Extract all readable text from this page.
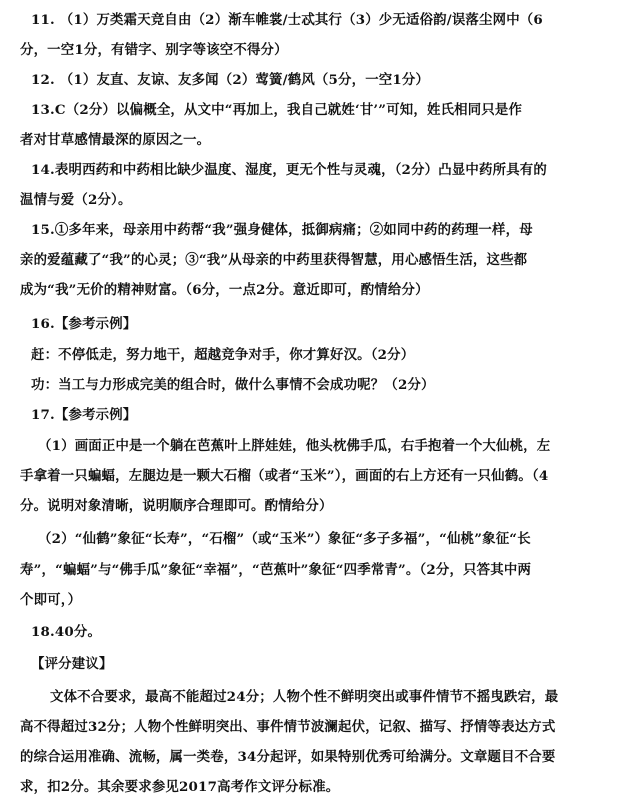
11. （1）万类霜天竞自由（2）渐车帷裳/士忒其行（3）少无适俗韵/误落尘网中（6
分，一空1分，有错字、别字等该空不得分）
12. （1）友直、友谅、友多闻（2）莺簧/鹤风（5分，一空1分）
13.C（2分）以偏概全，从文中“再加上，我自己就姓‘甘’”可知，姓氏相同只是作
者对甘草感情最深的原因之一。
14.表明西药和中药相比缺少温度、湿度，更无个性与灵魂，（2分）凸显中药所具有的
温情与爱（2分）。
15.①多年来，母亲用中药帮“我”强身健体，抵御病痛；②如同中药的药理一样，母
亲的爱蕴藏了“我”的心灵；③“我”从母亲的中药里获得智慧，用心感悟生活，这些都
成为“我”无价的精神财富。（6分，一点2分。意近即可，酌情给分）
16.【参考示例】
赶：不停低走，努力地干，超越竞争对手，你才算好汉。（2分）
功：当工与力形成完美的组合时，做什么事情不会成功呢？（2分）
17.【参考示例】
（1）画面正中是一个躺在芭蕉叶上胖娃娃，他头枕佛手瓜，右手抱着一个大仙桃，左
手拿着一只蝙蝠，左腿边是一颗大石榴（或者“玉米”），画面的右上方还有一只仙鹤。（4
分。说明对象清晰，说明顺序合理即可。酌情给分）
（2）“仙鹤”象征“长寿”，“石榴”（或“玉米”）象征“多子多福”，“仙桃”象征“长
寿”，“蝙蝠”与“佛手瓜”象征“幸福”，“芭蕉叶”象征“四季常青”。（2分，只答其中两
个即可，）
18.40分。
【评分建议】
文体不合要求，最高不能超过24分；人物个性不鲜明突出或事件情节不摇曳跌宕，最
高不得超过32分；人物个性鲜明突出、事件情节波澜起伏，记叙、描写、抒情等表达方式
的综合运用准确、流畅，属一类卷，34分起评，如果特别优秀可给满分。文章题目不合要
求，扣2分。其余要求参见2017高考作文评分标准。
